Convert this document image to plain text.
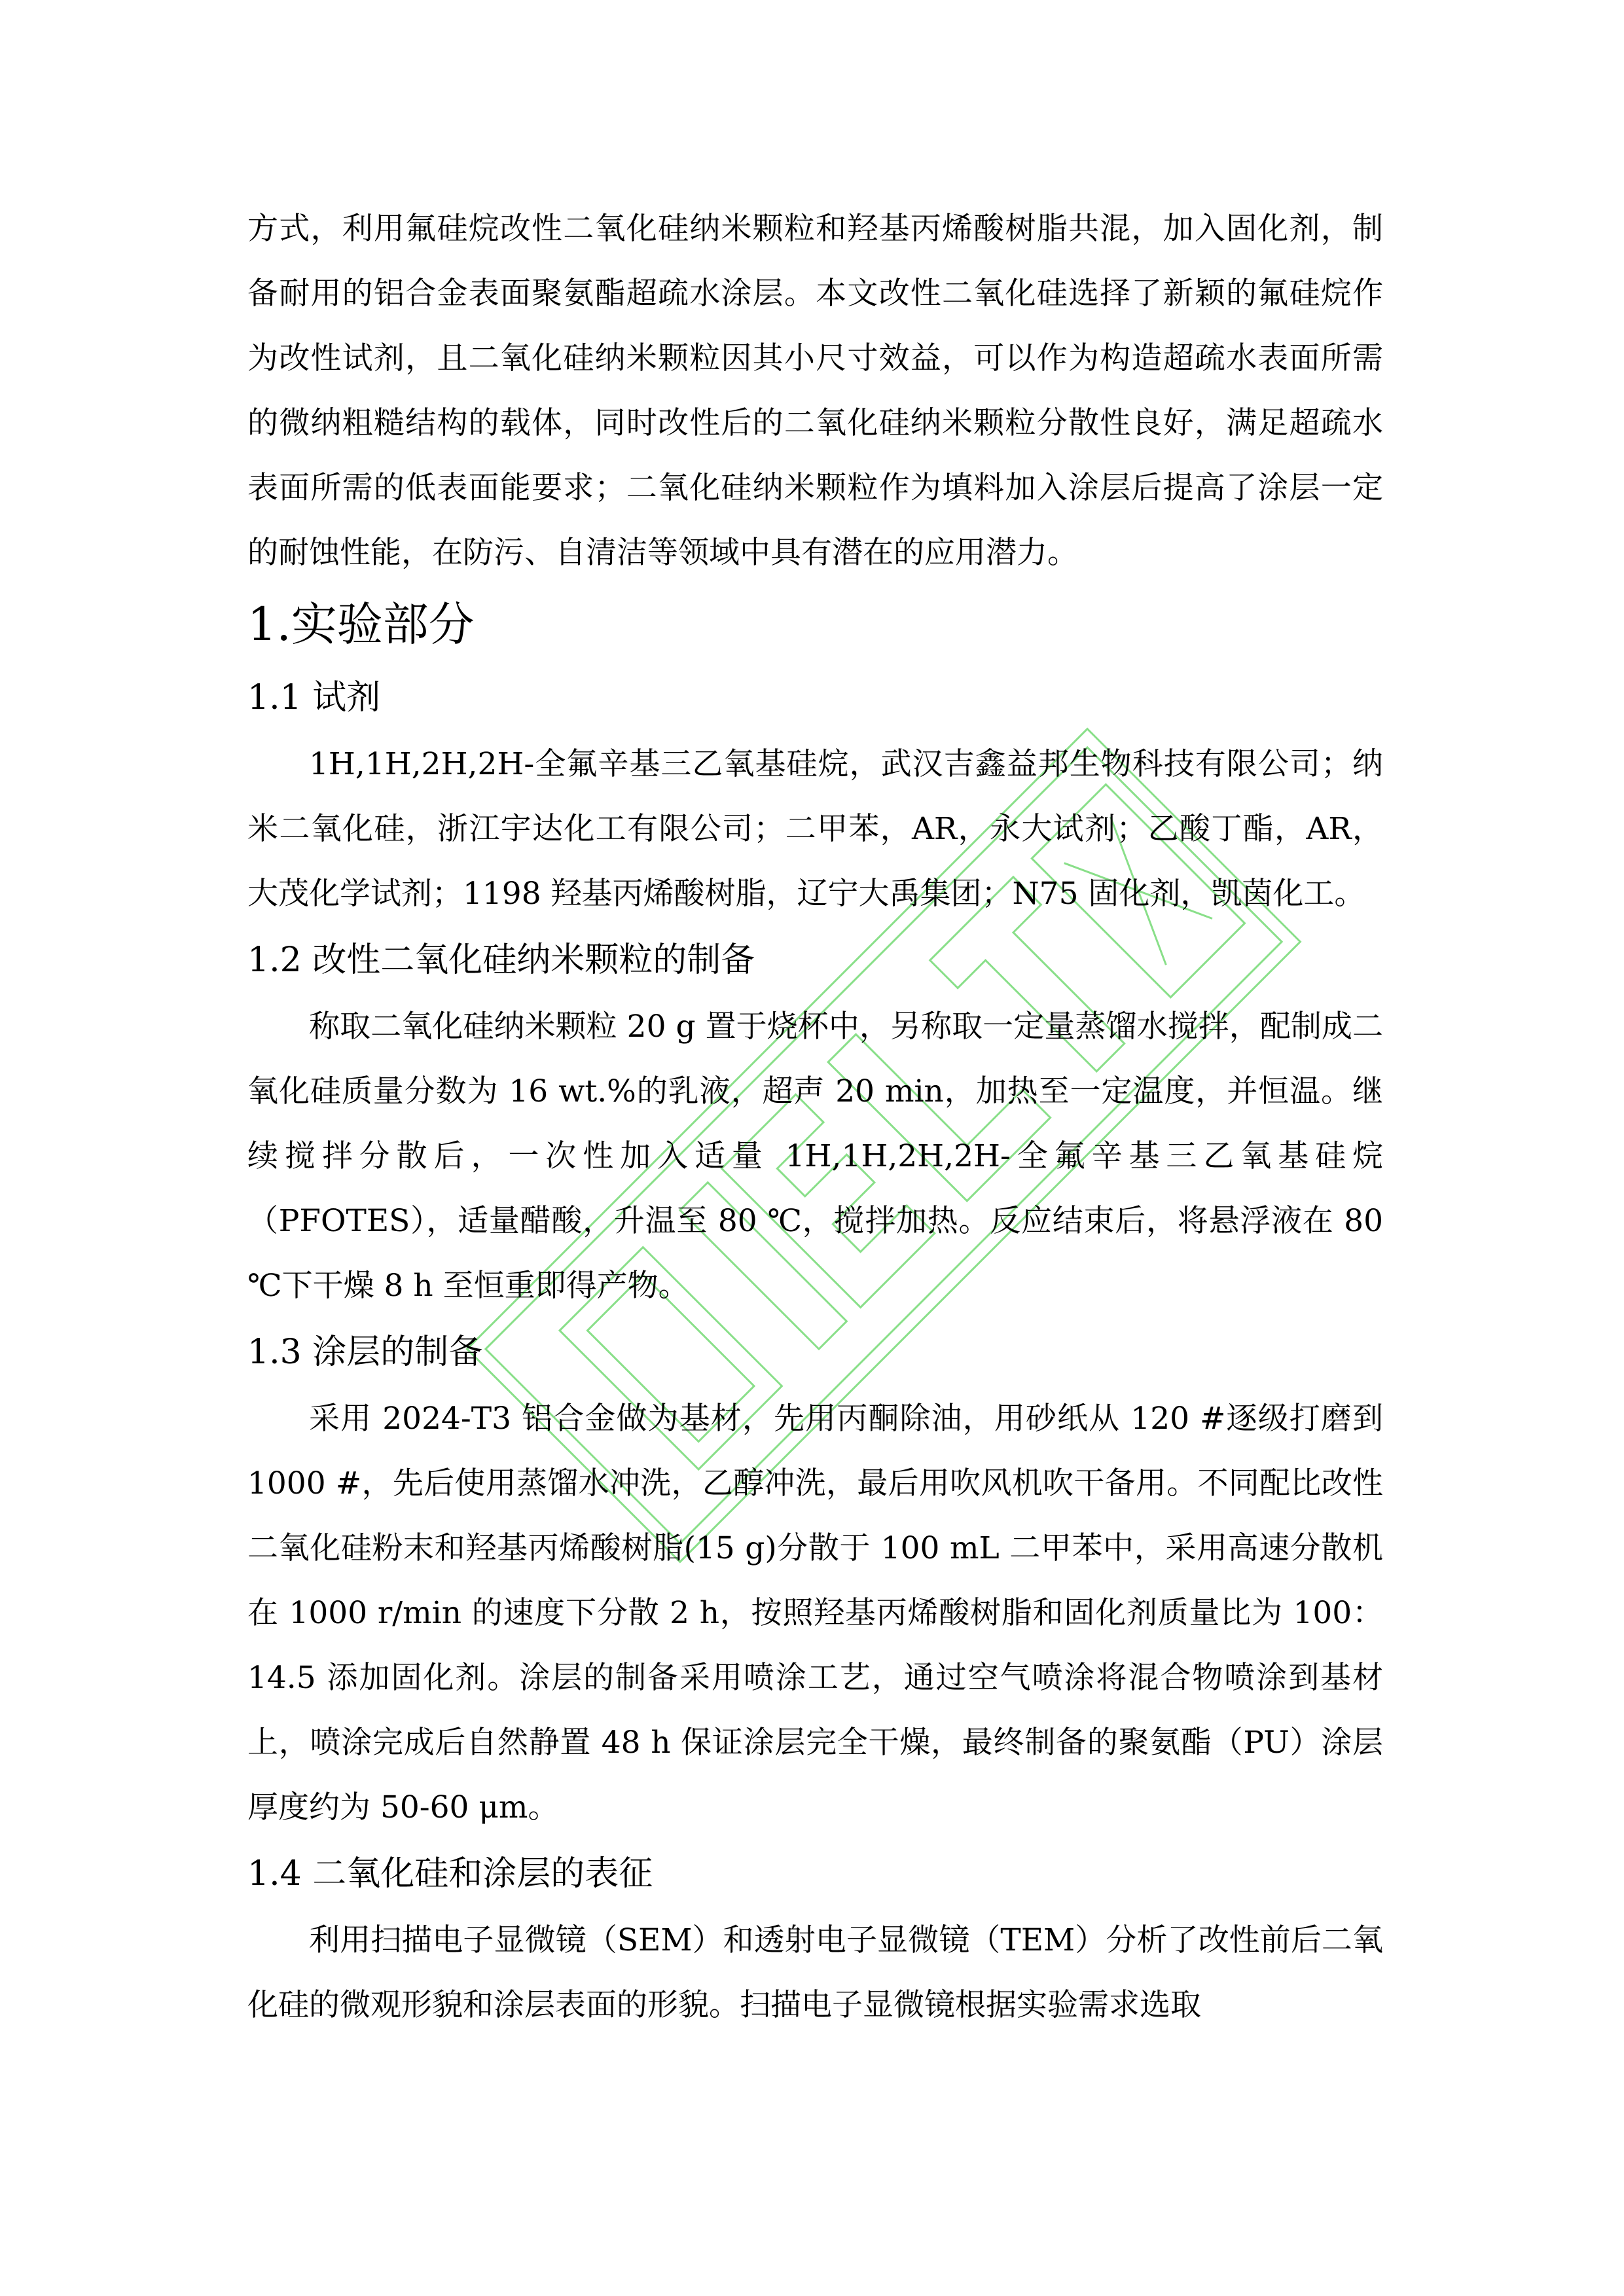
方式，利用氟硅烷改性二氧化硅纳米颗粒和羟基丙烯酸树脂共混，加入固化剂，制备耐用的铝合金表面聚氨酯超疏水涂层。本文改性二氧化硅选择了新颖的氟硅烷作为改性试剂，且二氧化硅纳米颗粒因其小尺寸效益，可以作为构造超疏水表面所需的微纳粗糙结构的载体，同时改性后的二氧化硅纳米颗粒分散性良好，满足超疏水表面所需的低表面能要求；二氧化硅纳米颗粒作为填料加入涂层后提高了涂层一定的耐蚀性能，在防污、自清洁等领域中具有潜在的应用潜力。

1.实验部分
1.1 试剂

1H,1H,2H,2H-全氟辛基三乙氧基硅烷，武汉吉鑫益邦生物科技有限公司；纳米二氧化硅，浙江宇达化工有限公司；二甲苯，AR，永大试剂；乙酸丁酯，AR，大茂化学试剂；1198 羟基丙烯酸树脂，辽宁大禹集团；N75 固化剂，凯茵化工。

1.2 改性二氧化硅纳米颗粒的制备

称取二氧化硅纳米颗粒 20 g 置于烧杯中，另称取一定量蒸馏水搅拌，配制成二氧化硅质量分数为 16 wt.%的乳液，超声 20 min，加热至一定温度，并恒温。继续搅拌分散后，一次性加入适量 1H,1H,2H,2H-全氟辛基三乙氧基硅烷（PFOTES），适量醋酸，升温至 80 ℃，搅拌加热。反应结束后，将悬浮液在 80 ℃下干燥 8 h 至恒重即得产物。

1.3 涂层的制备

采用 2024-T3 铝合金做为基材，先用丙酮除油，用砂纸从 120 #逐级打磨到 1000 #，先后使用蒸馏水冲洗，乙醇冲洗，最后用吹风机吹干备用。不同配比改性二氧化硅粉末和羟基丙烯酸树脂(15 g)分散于 100 mL 二甲苯中，采用高速分散机在 1000 r/min 的速度下分散 2 h，按照羟基丙烯酸树脂和固化剂质量比为 100：14.5 添加固化剂。涂层的制备采用喷涂工艺，通过空气喷涂将混合物喷涂到基材上，喷涂完成后自然静置 48 h 保证涂层完全干燥，最终制备的聚氨酯（PU）涂层厚度约为 50-60 μm。

1.4 二氧化硅和涂层的表征

利用扫描电子显微镜（SEM）和透射电子显微镜（TEM）分析了改性前后二氧化硅的微观形貌和涂层表面的形貌。扫描电子显微镜根据实验需求选取
